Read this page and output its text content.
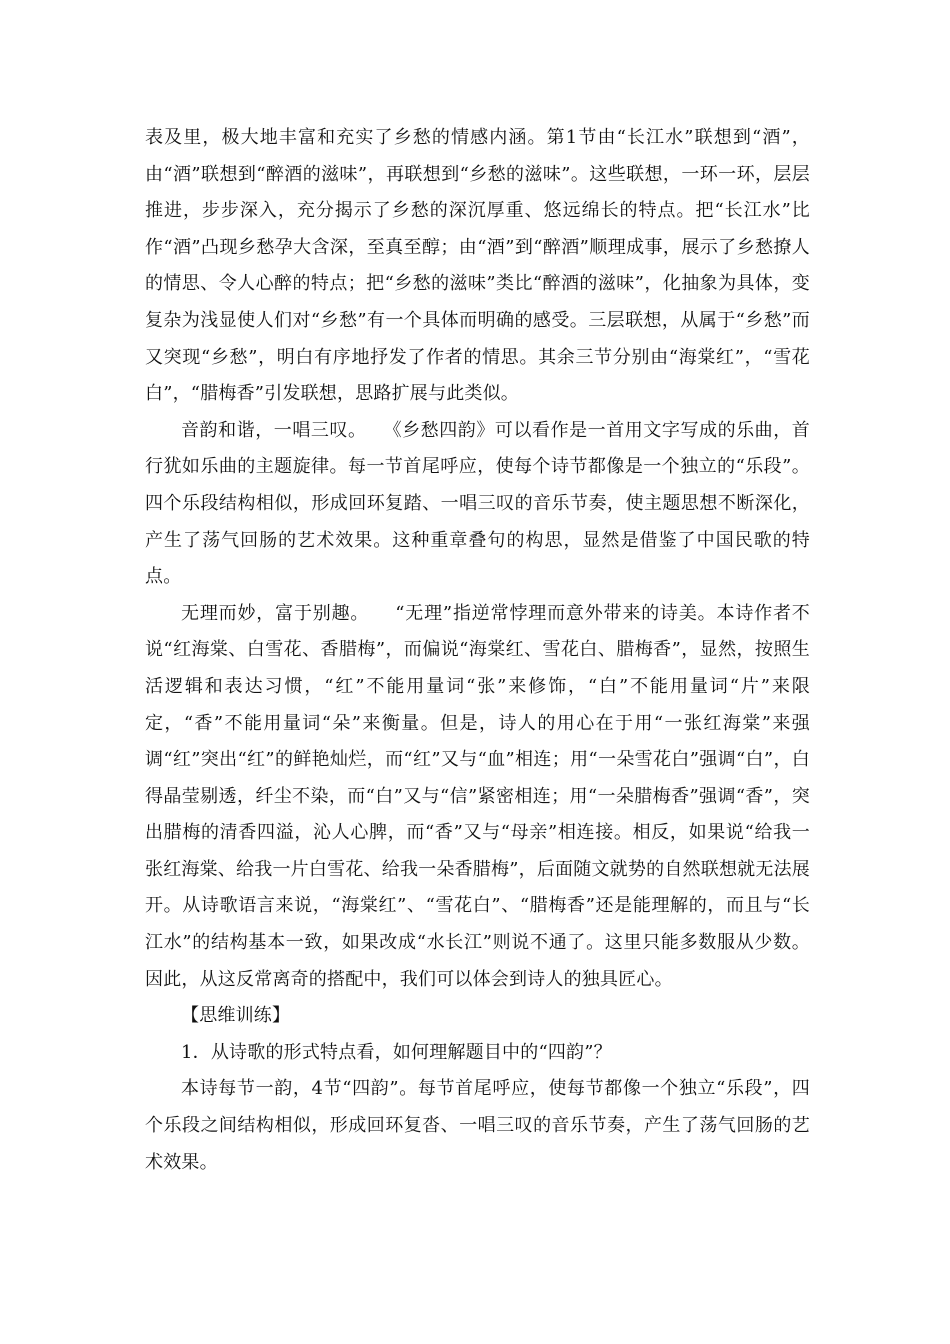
表及里，极大地丰富和充实了乡愁的情感内涵。第1节由“长江水”联想到“酒”，由“酒”联想到“醉酒的滋味”，再联想到“乡愁的滋味”。这些联想，一环一环，层层推进，步步深入，充分揭示了乡愁的深沉厚重、悠远绵长的特点。把“长江水”比作“酒”凸现乡愁孕大含深，至真至醇；由“酒”到“醉酒”顺理成事，展示了乡愁撩人的情思、令人心醉的特点；把“乡愁的滋味”类比“醉酒的滋味”，化抽象为具体，变复杂为浅显使人们对“乡愁”有一个具体而明确的感受。三层联想，从属于“乡愁”而又突现“乡愁”，明白有序地抒发了作者的情思。其余三节分别由“海棠红”，“雪花白”，“腊梅香”引发联想，思路扩展与此类似。

音韵和谐，一唱三叹。 《乡愁四韵》可以看作是一首用文字写成的乐曲，首行犹如乐曲的主题旋律。每一节首尾呼应，使每个诗节都像是一个独立的“乐段”。四个乐段结构相似，形成回环复踏、一唱三叹的音乐节奏，使主题思想不断深化，产生了荡气回肠的艺术效果。这种重章叠句的构思，显然是借鉴了中国民歌的特点。

无理而妙，富于别趣。 “无理”指逆常悖理而意外带来的诗美。本诗作者不说“红海棠、白雪花、香腊梅”，而偏说“海棠红、雪花白、腊梅香”，显然，按照生活逻辑和表达习惯，“红”不能用量词“张”来修饰，“白”不能用量词“片”来限定，“香”不能用量词“朵”来衡量。但是，诗人的用心在于用“一张红海棠”来强调“红”突出“红”的鲜艳灿烂，而“红”又与“血”相连；用“一朵雪花白”强调“白”，白得晶莹剔透，纤尘不染，而“白”又与“信”紧密相连；用“一朵腊梅香”强调“香”，突出腊梅的清香四溢，沁人心脾，而“香”又与“母亲”相连接。相反，如果说“给我一张红海棠、给我一片白雪花、给我一朵香腊梅”，后面随文就势的自然联想就无法展开。从诗歌语言来说，“海棠红”、“雪花白”、“腊梅香”还是能理解的，而且与“长江水”的结构基本一致，如果改成“水长江”则说不通了。这里只能多数服从少数。因此，从这反常离奇的搭配中，我们可以体会到诗人的独具匠心。

【思维训练】

1．从诗歌的形式特点看，如何理解题目中的“四韵”？

本诗每节一韵，4节“四韵”。每节首尾呼应，使每节都像一个独立“乐段”，四个乐段之间结构相似，形成回环复沓、一唱三叹的音乐节奏，产生了荡气回肠的艺术效果。
